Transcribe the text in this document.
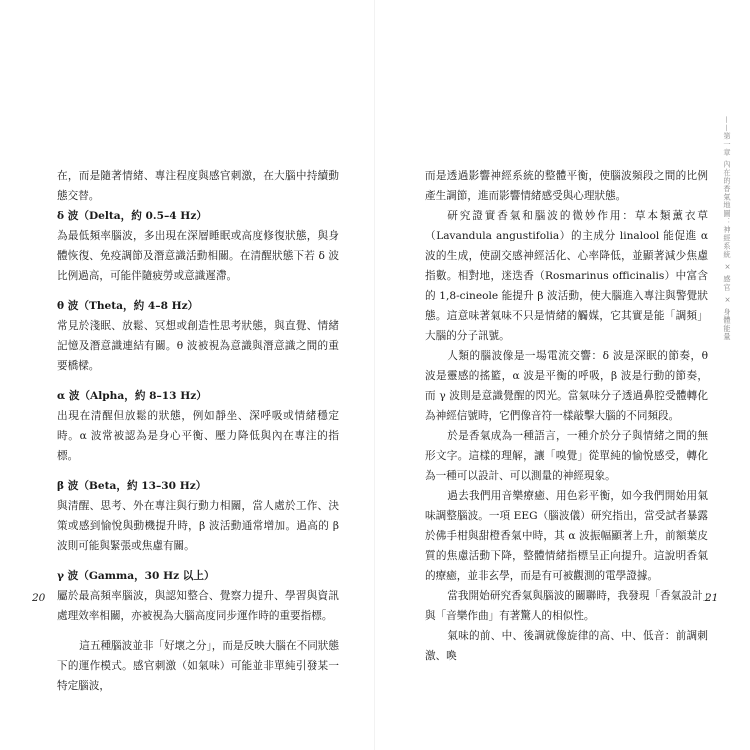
在，而是隨著情緒、專注程度與感官刺激，在大腦中持續動態交替。

δ 波（Delta，約 0.5–4 Hz）

為最低頻率腦波，多出現在深層睡眠或高度修復狀態，與身體恢復、免疫調節及潛意識活動相關。在清醒狀態下若 δ 波比例過高，可能伴隨疲勞或意識遲滯。

θ 波（Theta，約 4–8 Hz）

常見於淺眠、放鬆、冥想或創造性思考狀態，與直覺、情緒記憶及潛意識連結有關。θ 波被視為意識與潛意識之間的重要橋樑。

α 波（Alpha，約 8–13 Hz）

出現在清醒但放鬆的狀態，例如靜坐、深呼吸或情緒穩定時。α 波常被認為是身心平衡、壓力降低與內在專注的指標。

β 波（Beta，約 13–30 Hz）

與清醒、思考、外在專注與行動力相關，當人處於工作、決策或感到愉悅與動機提升時，β 波活動通常增加。過高的 β 波則可能與緊張或焦慮有關。

γ 波（Gamma，30 Hz 以上）

屬於最高頻率腦波，與認知整合、覺察力提升、學習與資訊處理效率相關，亦被視為大腦高度同步運作時的重要指標。

這五種腦波並非「好壞之分」，而是反映大腦在不同狀態下的運作模式。感官刺激（如氣味）可能並非單純引發某一特定腦波，

20

而是透過影響神經系統的整體平衡，使腦波頻段之間的比例產生調節，進而影響情緒感受與心理狀態。

研究證實香氣和腦波的微妙作用：草本類薰衣草（Lavandula angustifolia）的主成分 linalool 能促進 α 波的生成，使副交感神經活化、心率降低，並顯著減少焦慮指數。相對地，迷迭香（Rosmarinus officinalis）中富含的 1,8-cineole 能提升 β 波活動，使大腦進入專注與警覺狀態。這意味著氣味不只是情緒的觸媒，它其實是能「調頻」大腦的分子訊號。

人類的腦波像是一場電流交響：δ 波是深眠的節奏，θ 波是靈感的搖籃，α 波是平衡的呼吸，β 波是行動的節奏，而 γ 波則是意識覺醒的閃光。當氣味分子透過鼻腔受體轉化為神經信號時，它們像音符一樣敲擊大腦的不同頻段。

於是香氣成為一種語言，一種介於分子與情緒之間的無形文字。這樣的理解，讓「嗅覺」從單純的愉悅感受，轉化為一種可以設計、可以測量的神經現象。

過去我們用音樂療癒、用色彩平衡，如今我們開始用氣味調整腦波。一項 EEG（腦波儀）研究指出，當受試者暴露於佛手柑與甜橙香氣中時，其 α 波振幅顯著上升，前額葉皮質的焦慮活動下降，整體情緒指標呈正向提升。這說明香氣的療癒，並非玄學，而是有可被觀測的電學證據。

當我開始研究香氣與腦波的關聯時，我發現「香氣設計」與「音樂作曲」有著驚人的相似性。

氣味的前、中、後調就像旋律的高、中、低音：前調刺激、喚

——第一章 內在的香氣地圖：神經系統 × 感官 × 身體能量
21
